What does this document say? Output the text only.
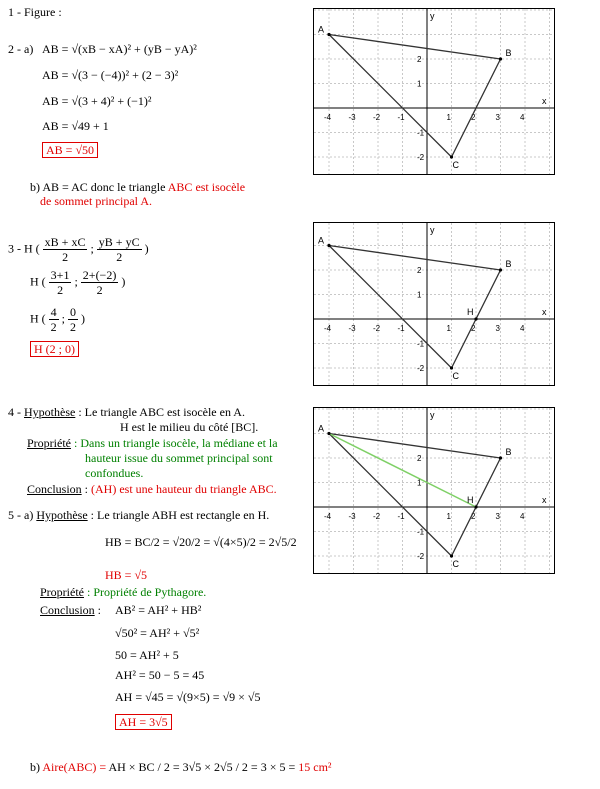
1 - Figure :
2 - a) AB = √(xB − xA)² + (yB − yA)²
AB = √(3 − (−4))² + (2 − 3)²
AB = √(3 + 4)² + (−1)²
AB = √49 + 1
AB = √50
b) AB = AC donc le triangle ABC est isocèle
de sommet principal A.
3 - H ( $\frac{xB + xC}{2}$ ; $\frac{yB + yC}{2}$ )
H ( $\frac{3+1}{2}$ ; $\frac{2+(-2)}{2}$ )
H ( $\frac{4}{2}$ ; $\frac{0}{2}$ )
H (2 ; 0)
4 - Hypothèse : Le triangle ABC est isocèle en A.
H est le milieu du côté [BC].
Propriété : Dans un triangle isocèle, la médiane et la
hauteur issue du sommet principal sont
confondues.
Conclusion : (AH) est une hauteur du triangle ABC.
5 - a) Hypothèse : Le triangle ABH est rectangle en H.
HB = BC/2 = √20/2 = √(4×5)/2 = 2√5/2
HB = √5
Propriété : Propriété de Pythagore.
Conclusion : AB² = AH² + HB²
√50² = AH² + √5²
50 = AH² + 5
AH² = 50 − 5 = 45
AH = √45 = √(9×5) = √9 × √5
AH = 3√5
b) Aire(ABC) = AH × BC / 2 = 3√5 × 2√5 / 2 = 3 × 5 = 15 cm²
x
y
-4 -3 -2 -1	1	2	3	4
2
1
-1
-2
A
B
C
x
y
-4 -3 -2 -1	1	2	3	4
2
1
-1
-2
A
B
C
H
x
y
-4 -3 -2 -1	1	2	3	4
2
1
-1
-2
A
B
C
H
